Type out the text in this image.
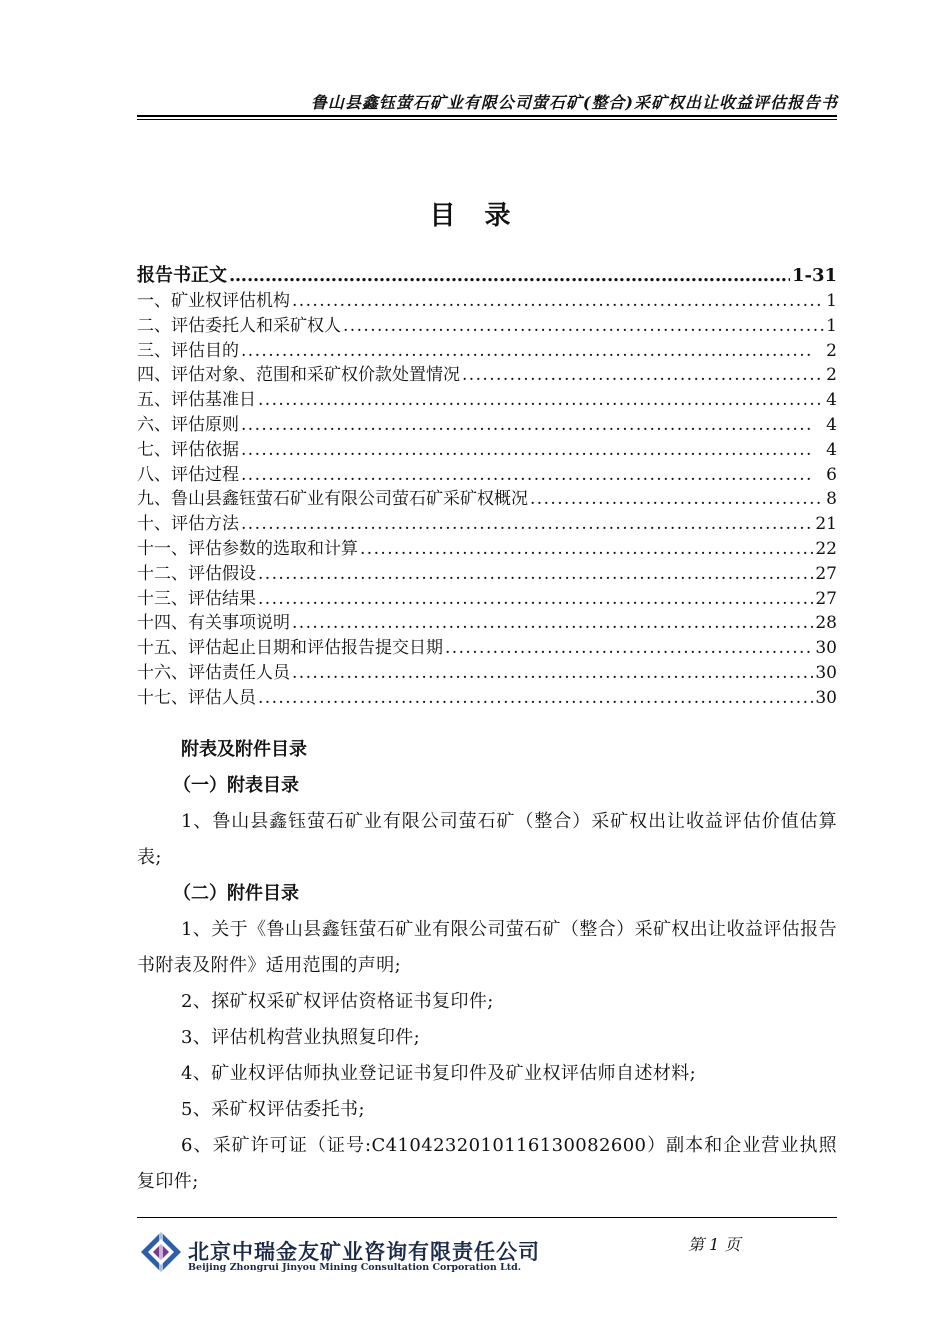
鲁山县鑫钰萤石矿业有限公司萤石矿(整合)采矿权出让收益评估报告书
目 录
报告书正文 …………………………………………………………………………………………………………………………………………	1-31
一、矿业权评估机构 . . .	1
二、评估委托人和采矿权人 . . .	1
三、评估目的 . . .	2
四、评估对象、范围和采矿权价款处置情况 . . .	2
五、评估基准日 . . .	4
六、评估原则 . . .	4
七、评估依据 . . .	4
八、评估过程 . . .	6
九、鲁山县鑫钰萤石矿业有限公司萤石矿采矿权概况 . . .	8
十、评估方法 . . .	21
十一、评估参数的选取和计算 . . .	22
十二、评估假设 . . .	27
十三、评估结果 . . .	27
十四、有关事项说明 . . .	28
十五、评估起止日期和评估报告提交日期 . . .	30
十六、评估责任人员 . . .	30
十七、评估人员 . . .	30
附表及附件目录
（一）附表目录

1、鲁山县鑫钰萤石矿业有限公司萤石矿（整合）采矿权出让收益评估价值估算表;

（二）附件目录

1、关于《鲁山县鑫钰萤石矿业有限公司萤石矿（整合）采矿权出让收益评估报告书附表及附件》适用范围的声明;

2、探矿权采矿权评估资格证书复印件;

3、评估机构营业执照复印件;

4、矿业权评估师执业登记证书复印件及矿业权评估师自述材料;

5、采矿权评估委托书;

6、采矿许可证（证号:C4104232010116130082600）副本和企业营业执照复印件;

北京中瑞金友矿业咨询有限责任公司
Beijing Zhongrui Jinyou Mining Consultation Corporation Ltd.
第 1 页
